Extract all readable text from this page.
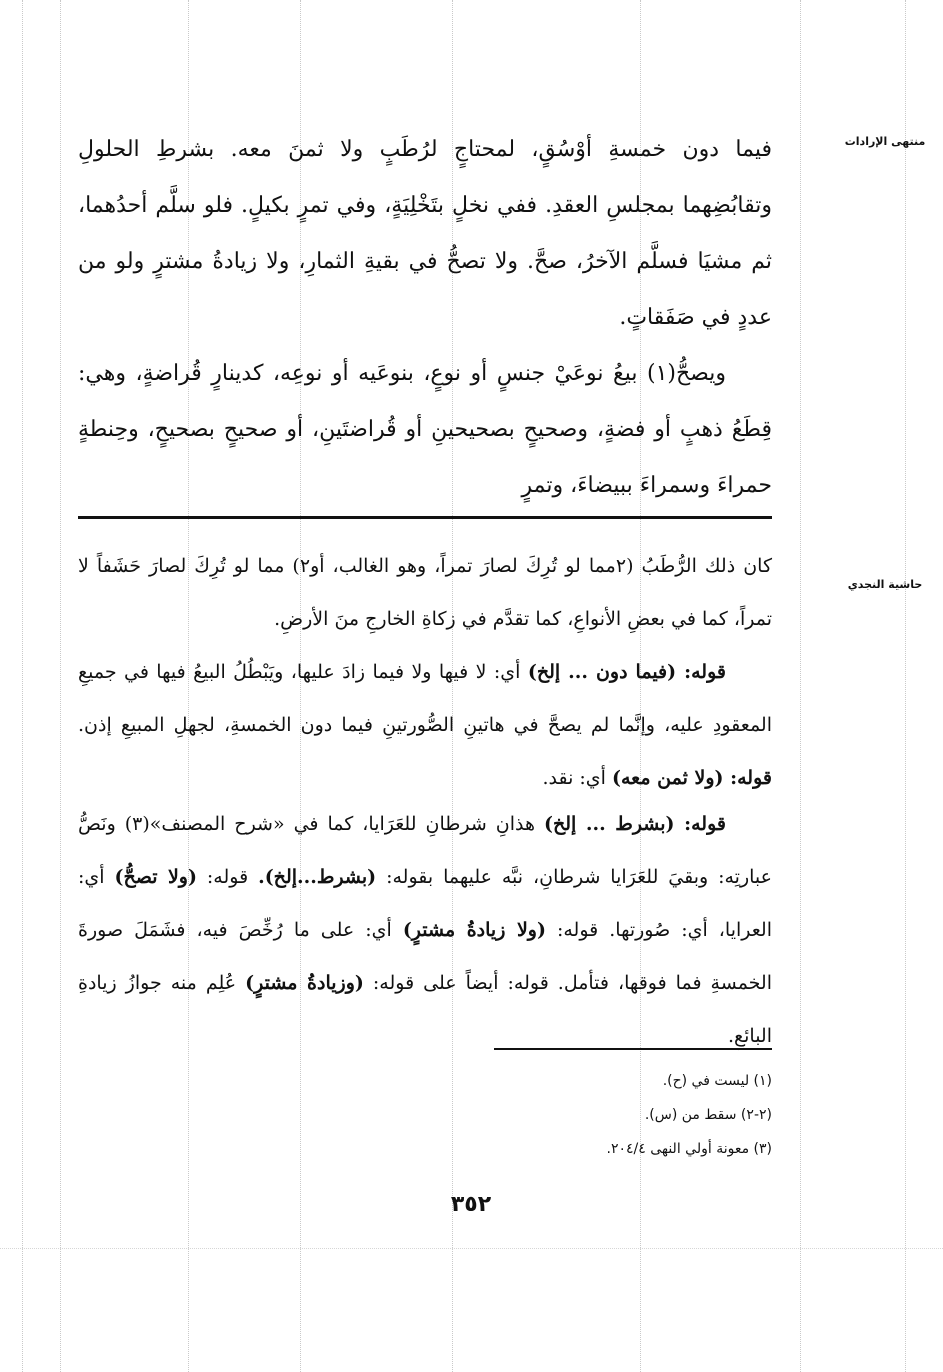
منتهى الإرادات
حاشية النجدي

فيما دون خمسةِ أوْسُقٍ، لمحتاجٍ لرُطَبٍ ولا ثمنَ معه. بشرطِ الحلولِ وتقابُضِهما بمجلسِ العقدِ. ففي نخلٍ بتَخْلِيَةٍ، وفي تمرٍ بكيلٍ. فلو سلَّم أحدُهما، ثم مشيَا فسلَّم الآخرُ، صحَّ. ولا تصحُّ في بقيةِ الثمارِ، ولا زيادةُ مشترٍ ولو من عددٍ في صَفَقاتٍ.

ويصحُّ(١) بيعُ نوعَيْ جنسٍ أو نوعٍ، بنوعَيه أو نوعِه، كدينارٍ قُراضةٍ، وهي: قِطَعُ ذهبٍ أو فضةٍ، وصحيحٍ بصحيحينِ أو قُراضتَينِ، أو صحيحٍ بصحيحٍ، وحِنطةٍ حمراءَ وسمراءَ ببيضاءَ، وتمرٍ

كان ذلك الرُّطَبُ (٢مما لو تُرِكَ لصارَ تمراً، وهو الغالب، أو٢) مما لو تُرِكَ لصارَ حَشَفاً لا تمراً، كما في بعضِ الأنواعِ، كما تقدَّم في زكاةِ الخارجِ منَ الأرضِ.

قوله: (فيما دون ... إلخ) أي: لا فيها ولا فيما زادَ عليها، ويَبْطُلُ البيعُ فيها في جميعِ المعقودِ عليه، وإنَّما لم يصحَّ في هاتينِ الصُّورتينِ فيما دون الخمسةِ، لجهلِ المبيعِ إذن. قوله: (ولا ثمن معه) أي: نقد.

قوله: (بشرط ... إلخ) هذانِ شرطانِ للعَرَايا، كما في «شرح المصنف»(٣) ونَصُّ عبارتِه: وبقيَ للعَرَايا شرطانِ، نبَّه عليهما بقوله: (بشرط...إلخ). قوله: (ولا تصحُّ) أي: العرايا، أي: صُورتها. قوله: (ولا زيادةُ مشترٍ) أي: على ما رُخِّصَ فيه، فشَمَلَ صورةَ الخمسةِ فما فوقها، فتأمل. قوله: أيضاً على قوله: (وزيادةُ مشترٍ) عُلِم منه جوازُ زيادةِ البائعِ.

(١) ليست في (ح).
(٢-٢) سقط من (س).
(٣) معونة أولي النهى ٢٠٤/٤.
٣٥٢
